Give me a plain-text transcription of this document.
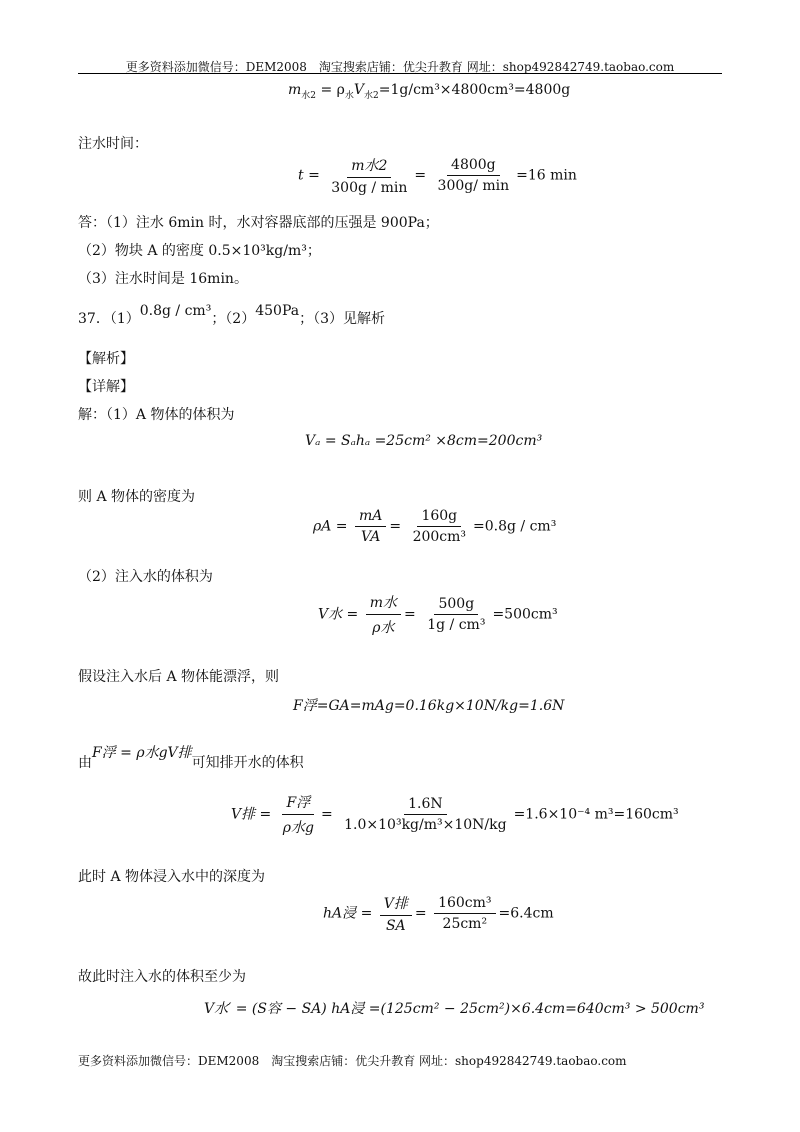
更多资料添加微信号：DEM2008　淘宝搜索店铺：优尖升教育 网址：shop492842749.taobao.com
$m_{水2} = \rho_水V_{水2}=1g/cm^3\times 4800cm^3=4800g$
注水时间：
$t = \frac{\text{m水2}}{300g / \min} = \frac{4800g}{300g/ \min} =16$ min
答：（1）注水 6min 时，水对容器底部的压强是 900Pa；
（2）物块 A 的密度 0.5×10³kg/m³；
（3）注水时间是 16min。
37．（1）0.8g / cm³；（2）450Pa；（3）见解析
【解析】
【详解】
解：（1）A 物体的体积为
Vₐ = Sₐhₐ =25cm² ×8cm=200cm³
则 A 物体的密度为
$\rho A = \frac{mA}{VA} = \frac{160g}{\text{200cm³}} =0.8g / cm^3$
（2）注入水的体积为
V水 = $\frac{\text{m水}}{\text{ρ水}} = \frac{500g}{\text{1g / cm³}} =500cm^3$
假设注入水后 A 物体能漂浮，则
F浮=GA=mAg=0.16kg×10N/kg=1.6N
由F浮 = ρ水gV排可知排开水的体积
V排 = $\frac{\text{F浮}}{\text{ρ水g}} = \frac{1.6N}{\text{1.0×10³kg/m³×10N/kg}} =1.6\times 10^{-4}$ m³=160cm³
此时 A 物体浸入水中的深度为
hA浸 = $\frac{\text{V排}}{SA} = \frac{\text{160cm³}}{\text{25cm²}} =6.4cm$
故此时注入水的体积至少为
V水′ = (S容 − SA) hA浸 =(125cm² − 25cm²)×6.4cm=640cm³ > 500cm³
更多资料添加微信号：DEM2008　淘宝搜索店铺：优尖升教育 网址：shop492842749.taobao.com
